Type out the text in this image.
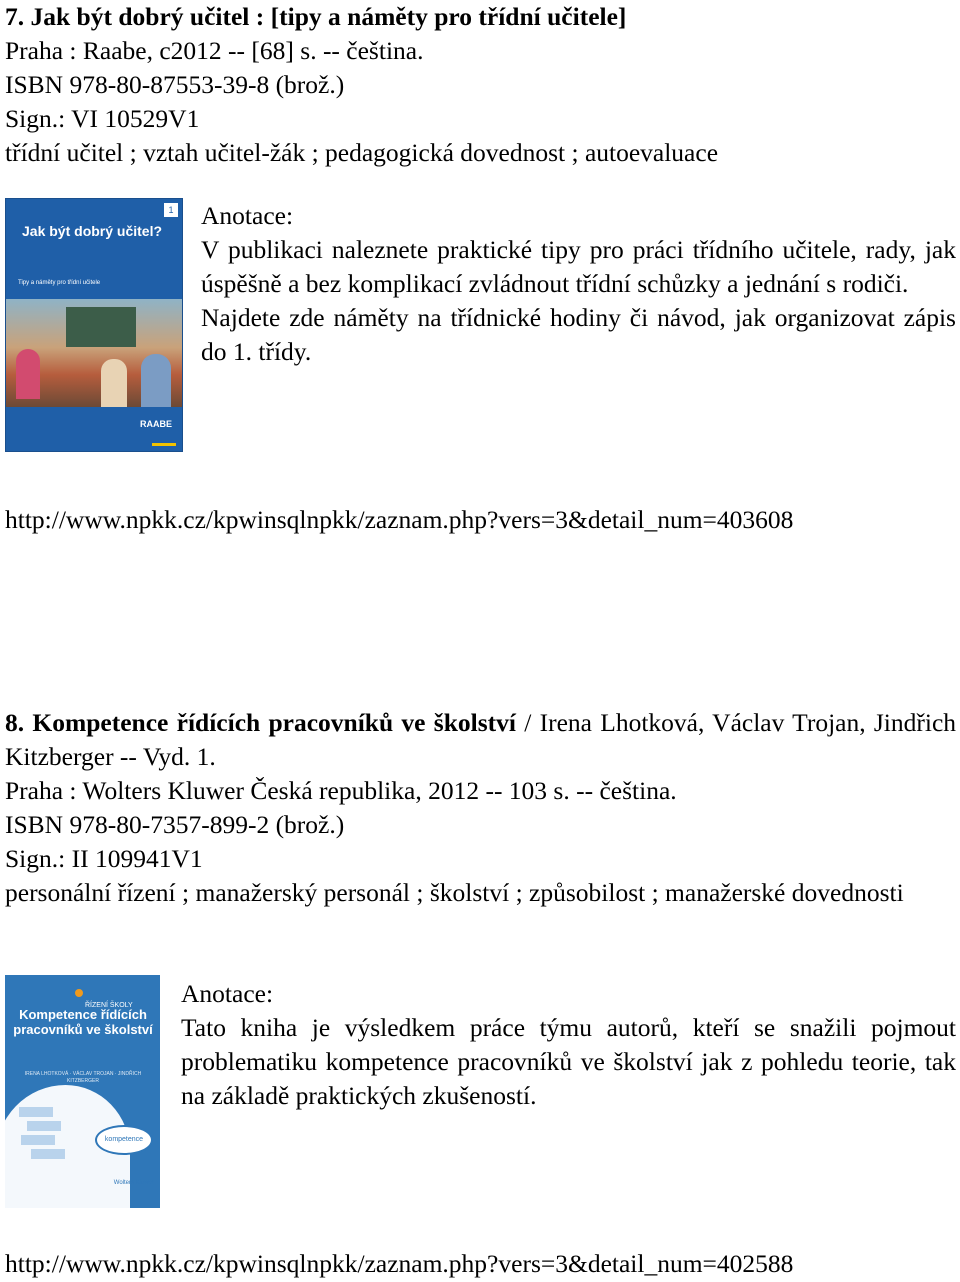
7. Jak být dobrý učitel : [tipy a náměty pro třídní učitele]
Praha : Raabe, c2012 -- [68] s. -- čeština.
ISBN 978-80-87553-39-8 (brož.)
Sign.: VI 10529V1
třídní učitel ; vztah učitel-žák ; pedagogická dovednost ; autoevaluace
1
Jak být dobrý učitel?
Tipy a náměty pro třídní učitele
RAABE
Anotace:
V publikaci naleznete praktické tipy pro práci třídního učitele, rady, jak úspěšně a bez komplikací zvládnout třídní schůzky a jednání s rodiči.
Najdete zde náměty na třídnické hodiny či návod, jak organizovat zápis do 1. třídy.
http://www.npkk.cz/kpwinsqlnpkk/zaznam.php?vers=3&detail_num=403608
8. Kompetence řídících pracovníků ve školství / Irena Lhotková, Václav Trojan, Jindřich Kitzberger -- Vyd. 1.
Praha : Wolters Kluwer Česká republika, 2012 -- 103 s. -- čeština.
ISBN 978-80-7357-899-2 (brož.)
Sign.: II 109941V1
personální řízení ; manažerský personál ; školství ; způsobilost ; manažerské dovednosti
ŘÍZENÍ ŠKOLY
Kompetence řídících pracovníků ve školství
IRENA LHOTKOVÁ · VÁCLAV TROJAN · JINDŘICH KITZBERGER
kompetence
Wolters Kluwer
Anotace:
Tato kniha je výsledkem práce týmu autorů, kteří se snažili pojmout problematiku kompetence pracovníků ve školství jak z pohledu teorie, tak na základě praktických zkušeností.
http://www.npkk.cz/kpwinsqlnpkk/zaznam.php?vers=3&detail_num=402588
